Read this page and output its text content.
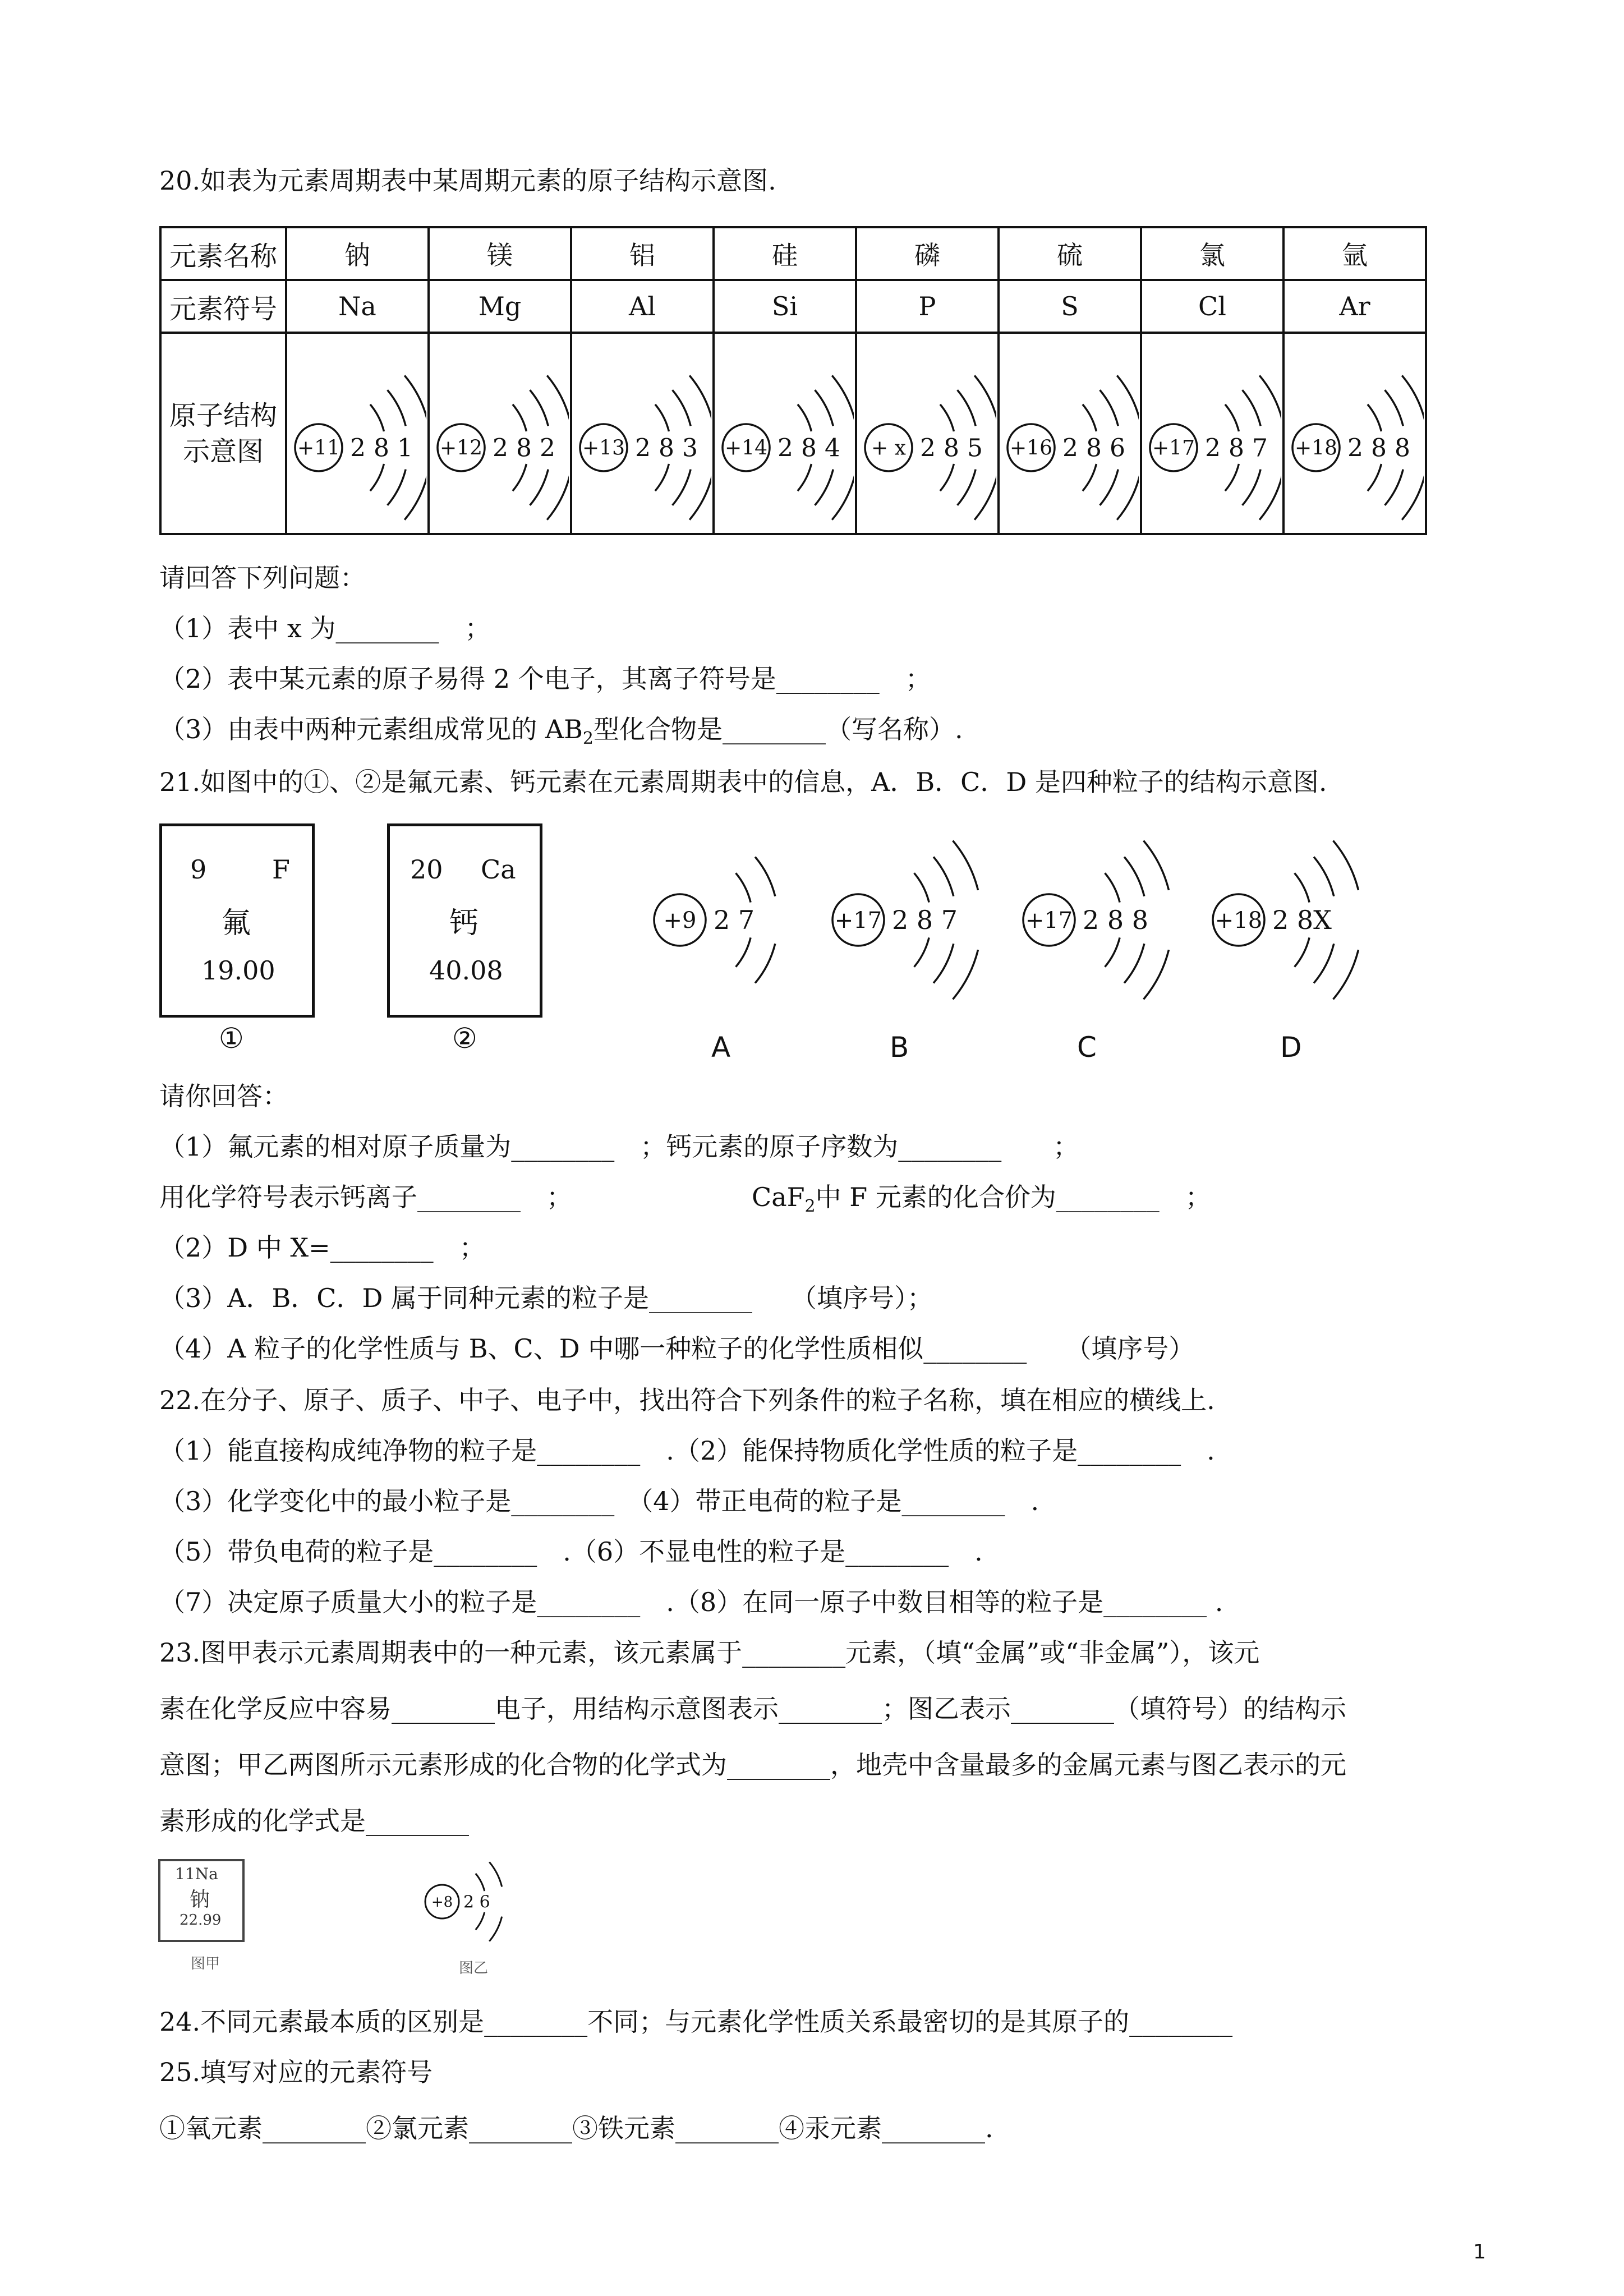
20.如表为元素周期表中某周期元素的原子结构示意图.
元素名称	钠	镁	铝	硅	磷	硫	氯	氩
元素符号	Na	Mg	Al	Si	P	S	Cl	Ar
原子结构
示意图	+11 2 8 1	+12 2 8 2	+13 2 8 3	+14 2 8 4	+ x 2 8 5	+16 2 8 6	+17 2 8 7	+18 2 8 8
请回答下列问题：
（1）表中 x 为________　；
（2）表中某元素的原子易得 2 个电子，其离子符号是________　；
（3）由表中两种元素组成常见的 $AB_2$型化合物是________（写名称）.
21.如图中的①、②是氟元素、钙元素在元素周期表中的信息，A．B．C．D 是四种粒子的结构示意图.
9	F
氟
19.00
①
20 Ca
钙
40.08
②
+9 2 7	+17 2 8 7	+17 2 8 8	+18 2 8X
A	B	C	D
请你回答：
（1）氟元素的相对原子质量为________　；钙元素的原子序数为________　　；
用化学符号表示钙离子________　；	CaF$_2$中 F 元素的化合价为________　；
（2）D 中 X=________　；
（3）A．B．C．D 属于同种元素的粒子是________　　（填序号）；
（4）A 粒子的化学性质与 B、C、D 中哪一种粒子的化学性质相似________　　（填序号）
22.在分子、原子、质子、中子、电子中，找出符合下列条件的粒子名称，填在相应的横线上.
（1）能直接构成纯净物的粒子是________　.（2）能保持物质化学性质的粒子是________　.
（3）化学变化中的最小粒子是________　（4）带正电荷的粒子是________　.
（5）带负电荷的粒子是________　.（6）不显电性的粒子是________　.
（7）决定原子质量大小的粒子是________　.（8）在同一原子中数目相等的粒子是________ .
23.图甲表示元素周期表中的一种元素，该元素属于________元素，（填“金属”或“非金属”），该元
素在化学反应中容易________电子，用结构示意图表示________；图乙表示________（填符号）的结构示
意图；甲乙两图所示元素形成的化合物的化学式为________，地壳中含量最多的金属元素与图乙表示的元
素形成的化学式是________
11Na
钠
22.99
图甲
+8 2 6
图乙
24.不同元素最本质的区别是________不同；与元素化学性质关系最密切的是其原子的________
25.填写对应的元素符号
①氧元素________②氯元素________③铁元素________④汞元素________.
1
